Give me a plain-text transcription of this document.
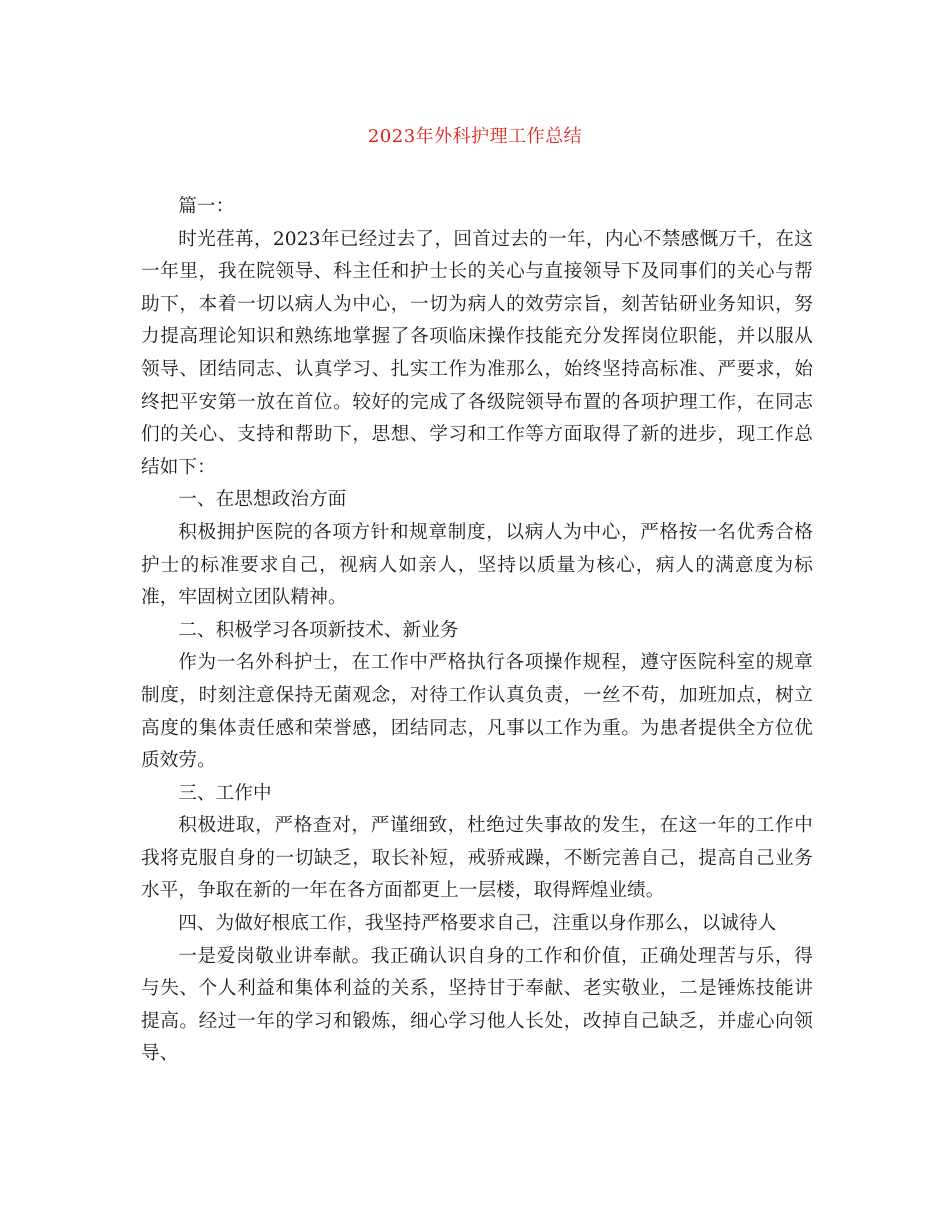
2023年外科护理工作总结

篇一：

时光荏苒，2023年已经过去了，回首过去的一年，内心不禁感慨万千，在这一年里，我在院领导、科主任和护士长的关心与直接领导下及同事们的关心与帮助下，本着一切以病人为中心，一切为病人的效劳宗旨，刻苦钻研业务知识，努力提高理论知识和熟练地掌握了各项临床操作技能充分发挥岗位职能，并以服从领导、团结同志、认真学习、扎实工作为准那么，始终坚持高标准、严要求，始终把平安第一放在首位。较好的完成了各级院领导布置的各项护理工作，在同志们的关心、支持和帮助下，思想、学习和工作等方面取得了新的进步，现工作总结如下：

一、在思想政治方面

积极拥护医院的各项方针和规章制度，以病人为中心，严格按一名优秀合格护士的标准要求自己，视病人如亲人，坚持以质量为核心，病人的满意度为标准，牢固树立团队精神。

二、积极学习各项新技术、新业务

作为一名外科护士，在工作中严格执行各项操作规程，遵守医院科室的规章制度，时刻注意保持无菌观念，对待工作认真负责，一丝不苟，加班加点，树立高度的集体责任感和荣誉感，团结同志，凡事以工作为重。为患者提供全方位优质效劳。

三、工作中

积极进取，严格查对，严谨细致，杜绝过失事故的发生，在这一年的工作中我将克服自身的一切缺乏，取长补短，戒骄戒躁，不断完善自己，提高自己业务水平，争取在新的一年在各方面都更上一层楼，取得辉煌业绩。

四、为做好根底工作，我坚持严格要求自己，注重以身作那么，以诚待人

一是爱岗敬业讲奉献。我正确认识自身的工作和价值，正确处理苦与乐，得与失、个人利益和集体利益的关系，坚持甘于奉献、老实敬业，二是锤炼技能讲提高。经过一年的学习和锻炼，细心学习他人长处，改掉自己缺乏，并虚心向领导、
